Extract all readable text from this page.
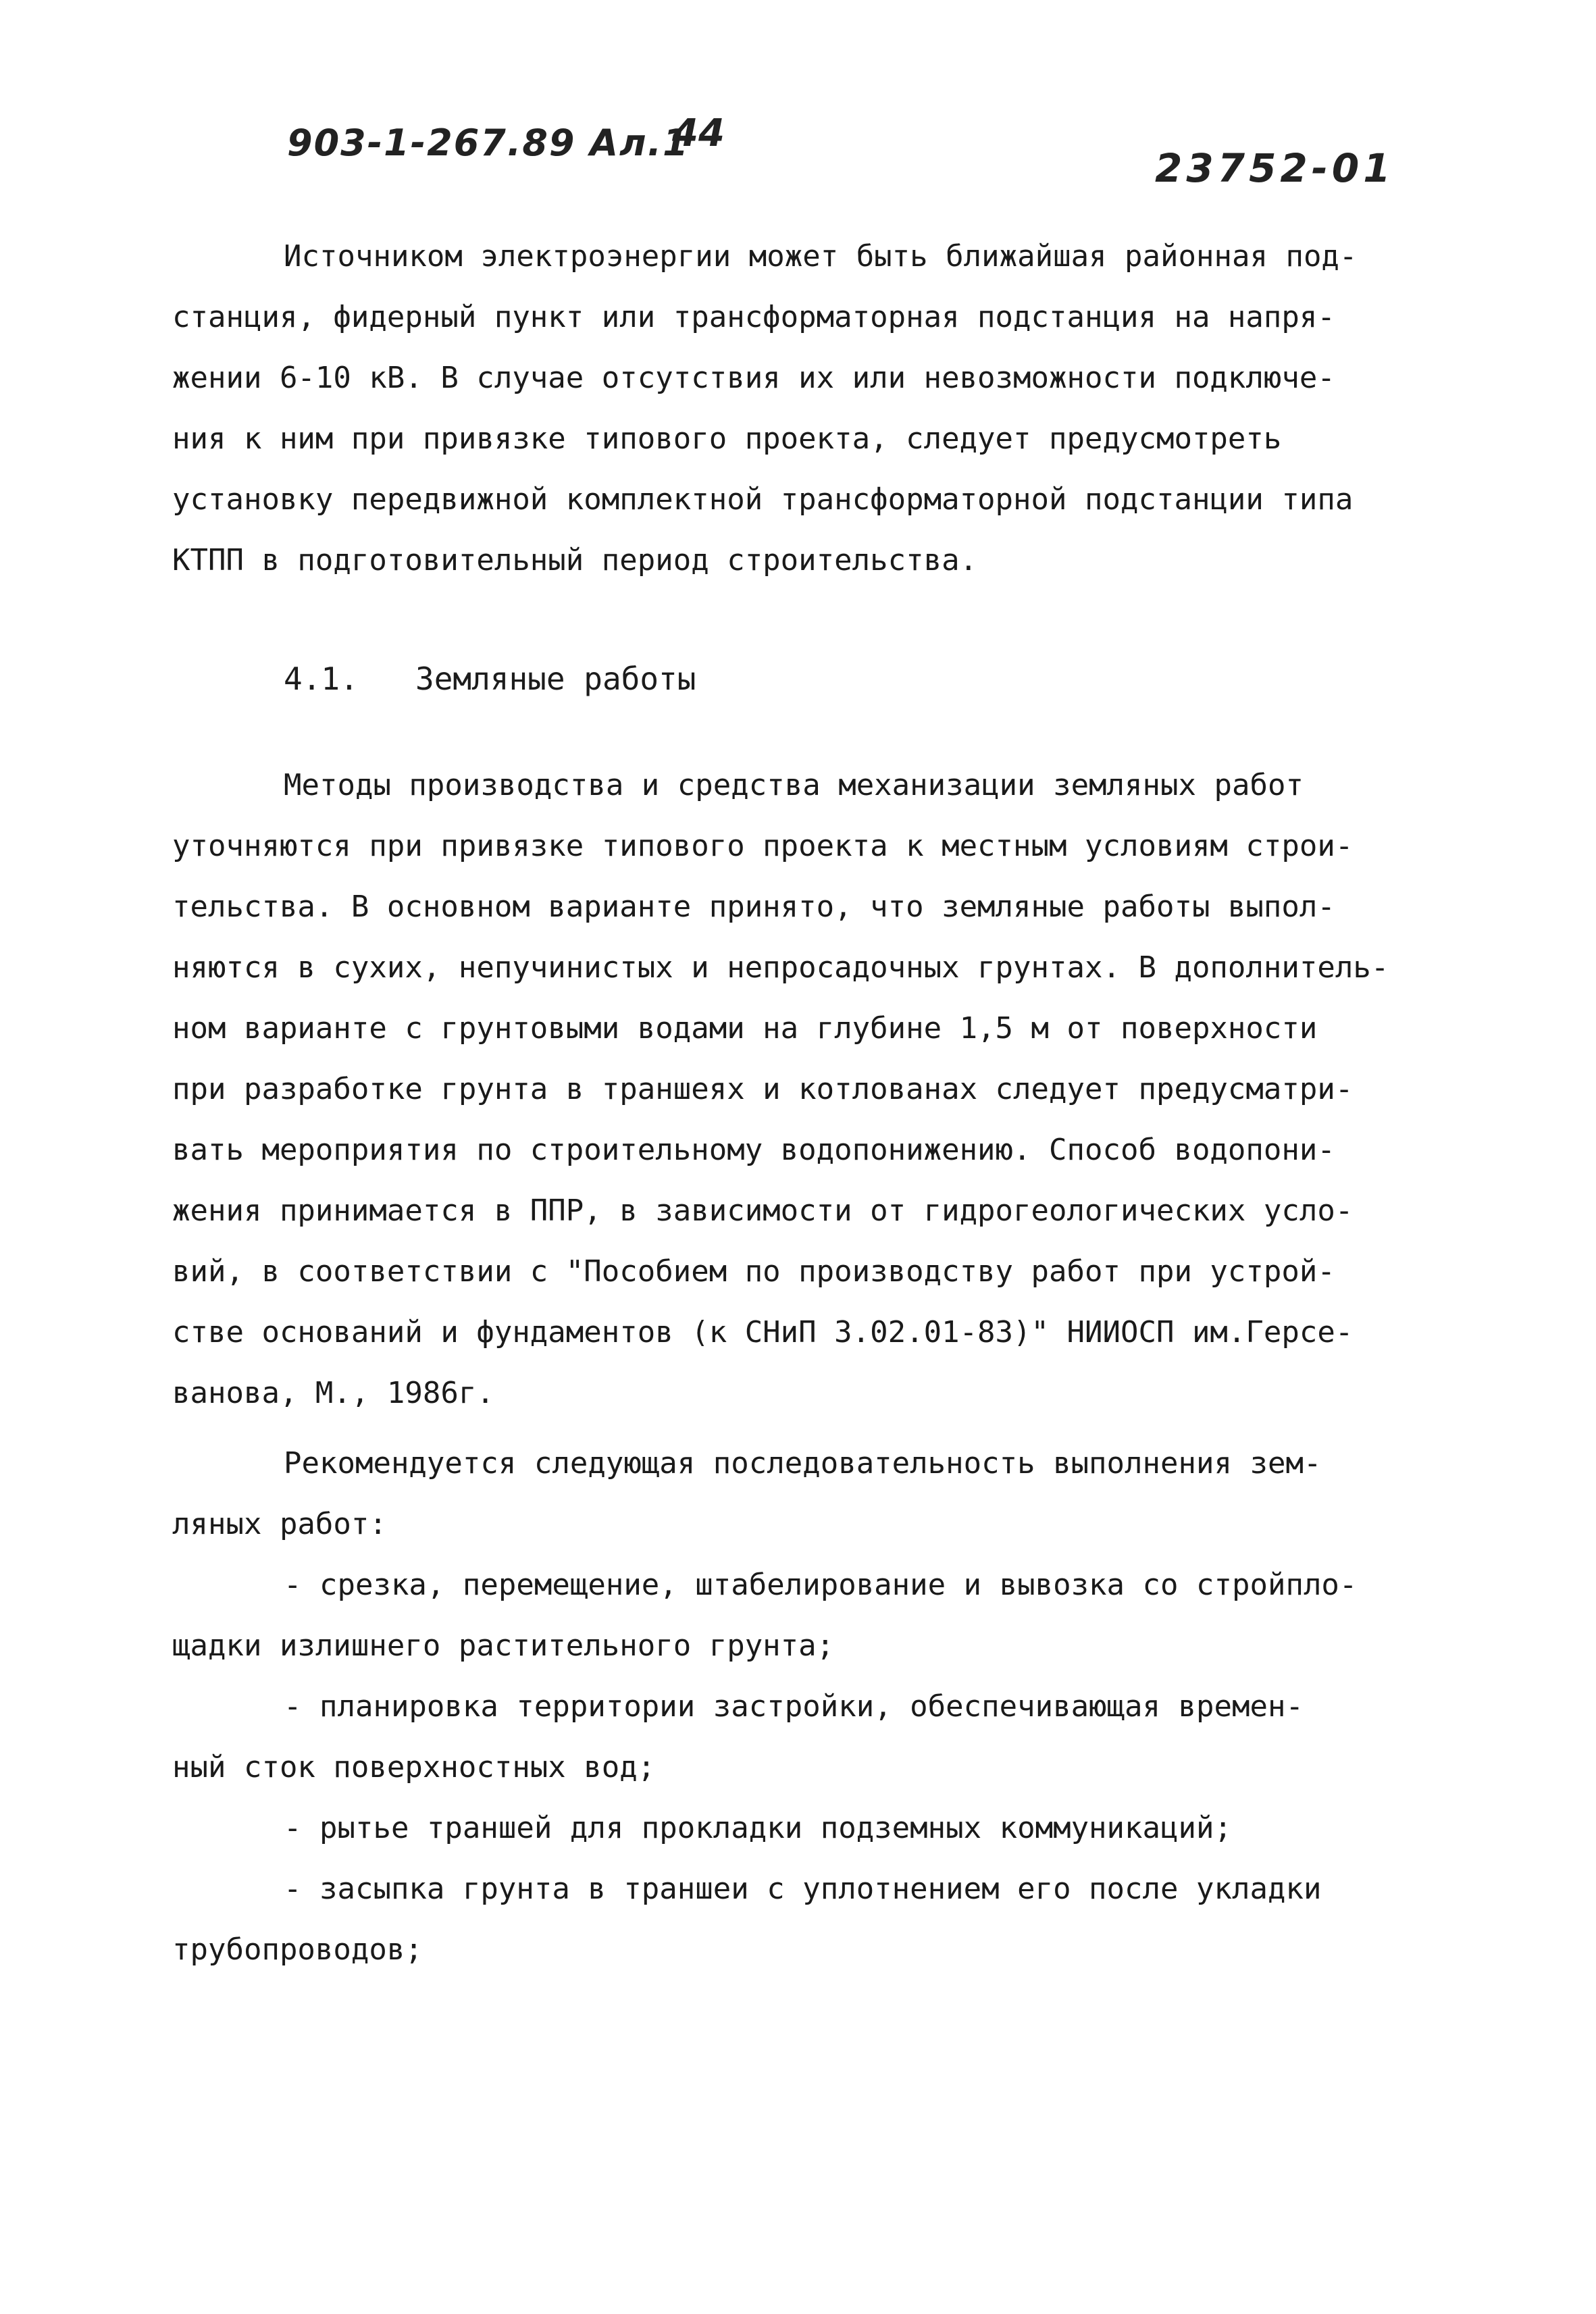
903-1-267.89 Ал.1
44
23752-01
Источником электроэнергии может быть ближайшая районная под-
станция, фидерный пункт или трансформаторная подстанция на напря-
жении 6-10 кВ. В случае отсутствия их или невозможности подключе-
ния к ним при привязке типового проекта, следует предусмотреть
установку передвижной комплектной трансформаторной подстанции типа
КТПП в подготовительный период строительства.
4.1. Земляные работы
Методы производства и средства механизации земляных работ
уточняются при привязке типового проекта к местным условиям строи-
тельства. В основном варианте принято, что земляные работы выпол-
няются в сухих, непучинистых и непросадочных грунтах. В дополнитель-
ном варианте с грунтовыми водами на глубине 1,5 м от поверхности
при разработке грунта в траншеях и котлованах следует предусматри-
вать мероприятия по строительному водопонижению. Способ водопони-
жения принимается в ППР, в зависимости от гидрогеологических усло-
вий, в соответствии с "Пособием по производству работ при устрой-
стве оснований и фундаментов (к СНиП 3.02.01-83)" НИИОСП им.Герсе-
ванова, М., 1986г.
Рекомендуется следующая последовательность выполнения зем-
ляных работ:
- срезка, перемещение, штабелирование и вывозка со стройпло-
щадки излишнего растительного грунта;
- планировка территории застройки, обеспечивающая времен-
ный сток поверхностных вод;
- рытье траншей для прокладки подземных коммуникаций;
- засыпка грунта в траншеи с уплотнением его после укладки
трубопроводов;
